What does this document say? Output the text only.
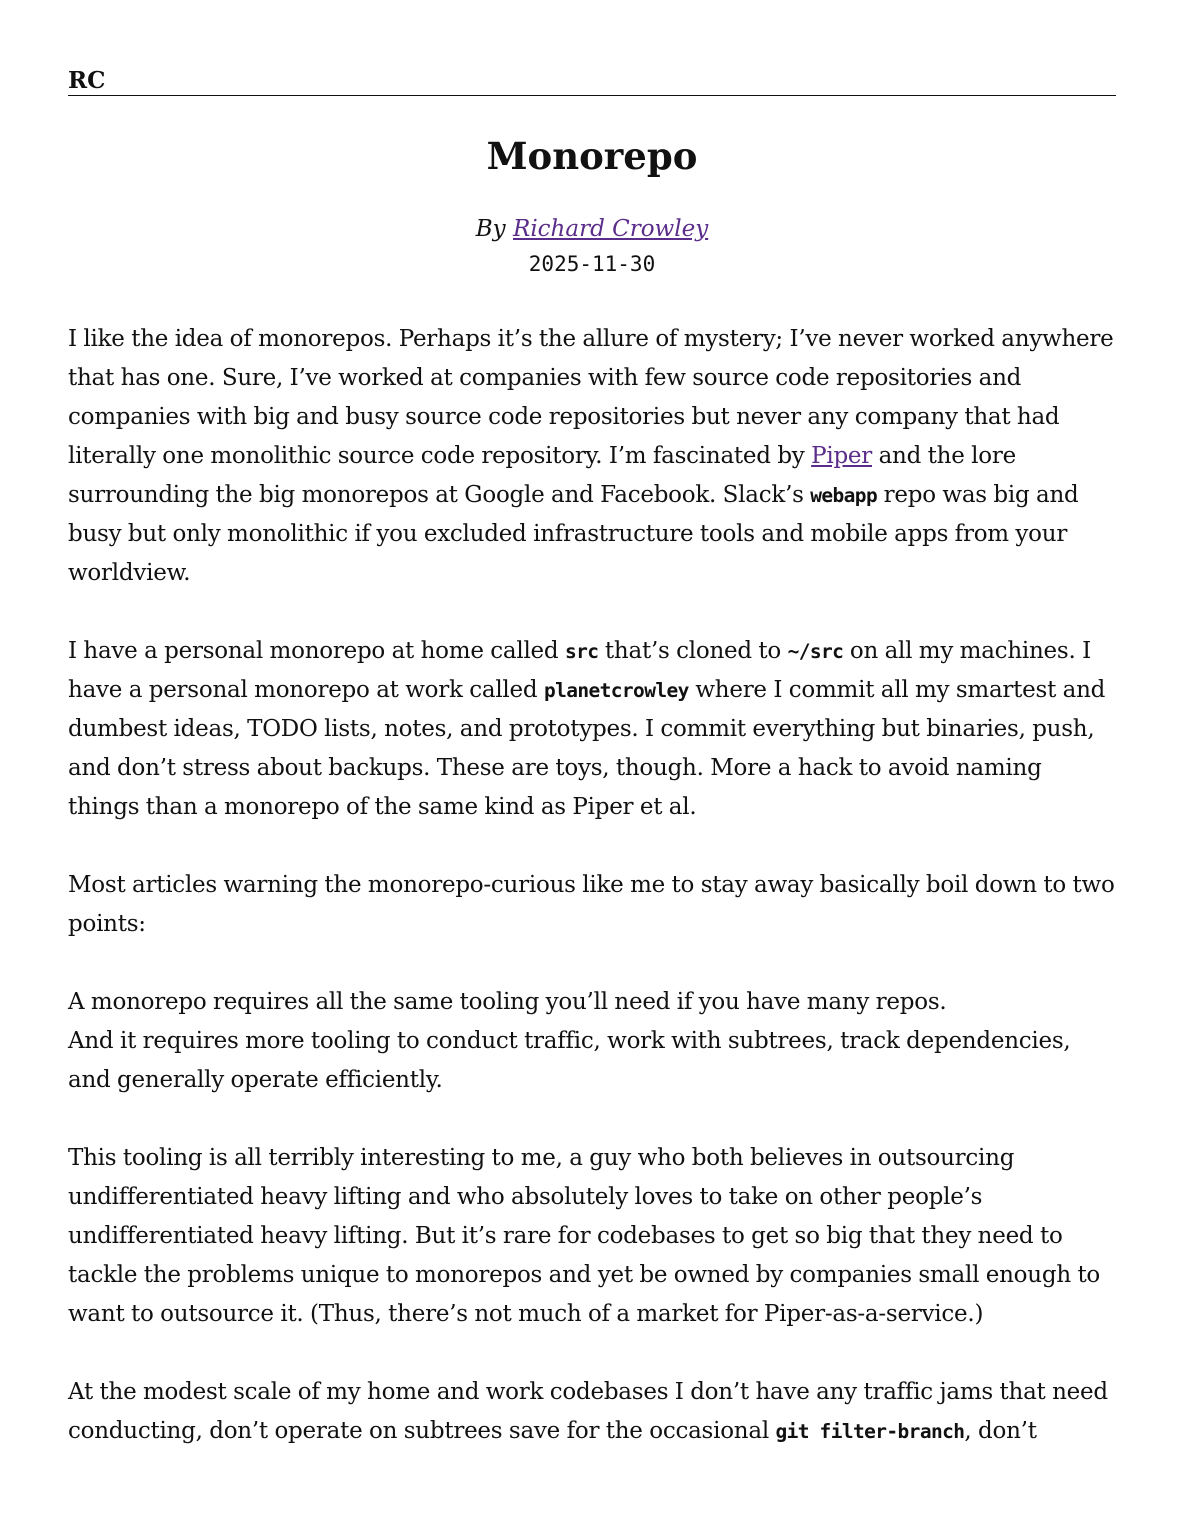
RC
Monorepo
By Richard Crowley
2025-11-30

I like the idea of monorepos. Perhaps it’s the allure of mystery; I’ve never worked anywhere that has one. Sure, I’ve worked at companies with few source code repositories and companies with big and busy source code repositories but never any company that had literally one monolithic source code repository. I’m fascinated by Piper and the lore surrounding the big monorepos at Google and Facebook. Slack’s webapp repo was big and busy but only monolithic if you excluded infrastructure tools and mobile apps from your worldview.

I have a personal monorepo at home called src that’s cloned to ~/src on all my machines. I have a personal monorepo at work called planetcrowley where I commit all my smartest and dumbest ideas, TODO lists, notes, and prototypes. I commit everything but binaries, push, and don’t stress about backups. These are toys, though. More a hack to avoid naming things than a monorepo of the same kind as Piper et al.

Most articles warning the monorepo-curious like me to stay away basically boil down to two points:

A monorepo requires all the same tooling you’ll need if you have many repos.
And it requires more tooling to conduct traffic, work with subtrees, track dependencies, and generally operate efficiently.

This tooling is all terribly interesting to me, a guy who both believes in outsourcing undifferentiated heavy lifting and who absolutely loves to take on other people’s undifferentiated heavy lifting. But it’s rare for codebases to get so big that they need to tackle the problems unique to monorepos and yet be owned by companies small enough to want to outsource it. (Thus, there’s not much of a market for Piper-as-a-service.)

At the modest scale of my home and work codebases I don’t have any traffic jams that need conducting, don’t operate on subtrees save for the occasional git filter-branch, don’t
